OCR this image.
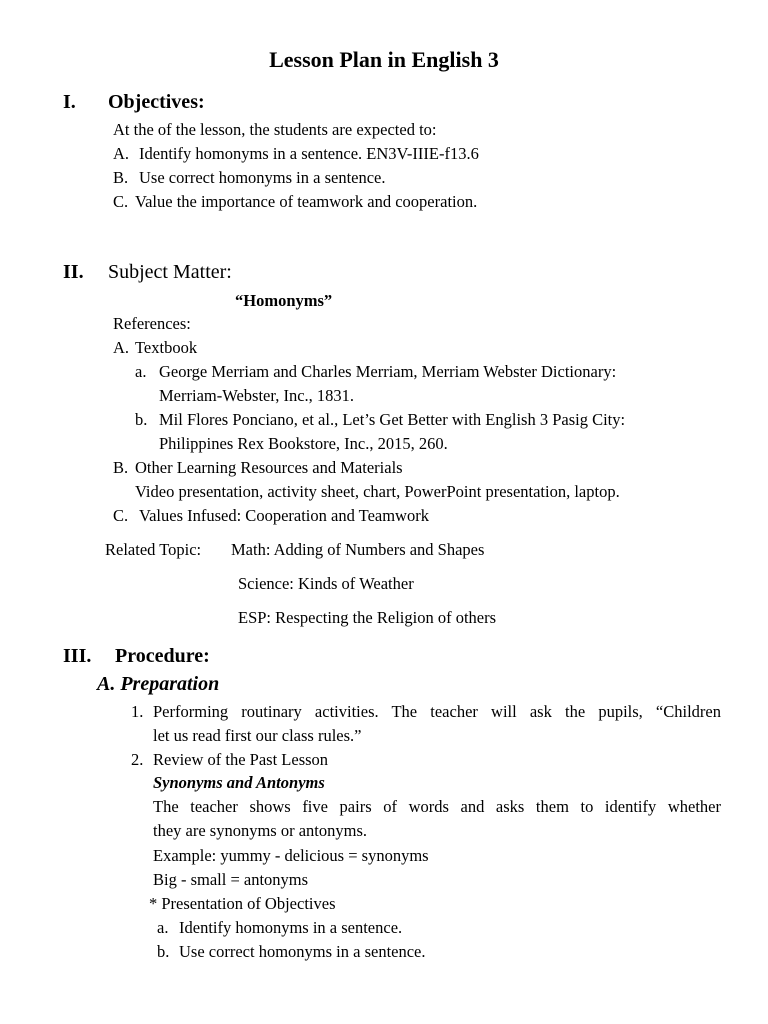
Lesson Plan in English 3
I. Objectives:
At the of the lesson, the students are expected to:
A. Identify homonyms in a sentence. EN3V-IIIE-f13.6
B. Use correct homonyms in a sentence.
C. Value the importance of teamwork and cooperation.
II. Subject Matter:
“Homonyms”
References:
A. Textbook
a. George Merriam and Charles Merriam, Merriam Webster Dictionary:
Merriam-Webster, Inc., 1831.
b. Mil Flores Ponciano, et al., Let’s Get Better with English 3 Pasig City:
Philippines Rex Bookstore, Inc., 2015, 260.
B. Other Learning Resources and Materials
Video presentation, activity sheet, chart, PowerPoint presentation, laptop.
C. Values Infused: Cooperation and Teamwork
Related Topic: Math: Adding of Numbers and Shapes
Science: Kinds of Weather
ESP: Respecting the Religion of others
III. Procedure:
A. Preparation
1. Performing routinary activities. The teacher will ask the pupils, “Children
let us read first our class rules.”
2. Review of the Past Lesson
Synonyms and Antonyms
The teacher shows five pairs of words and asks them to identify whether
they are synonyms or antonyms.
Example: yummy - delicious = synonyms
Big - small = antonyms
* Presentation of Objectives
a. Identify homonyms in a sentence.
b. Use correct homonyms in a sentence.
